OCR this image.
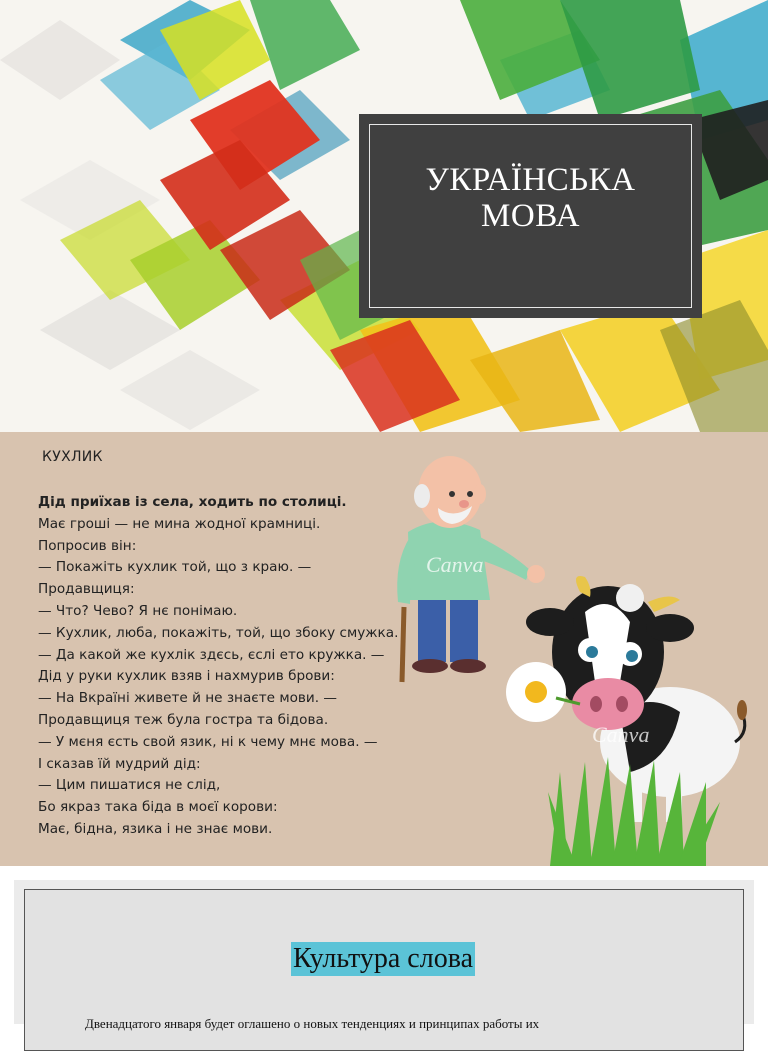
УКРАЇНСЬКА
МОВА
КУХЛИК
Дід приїхав із села, ходить по столиці.
Має гроші — не мина жодної крамниці.
Попросив він:
— Покажіть кухлик той, що з краю. —
Продавщиця:
— Что? Чево? Я нє понімаю.
— Кухлик, люба, покажіть, той, що збоку смужка.
— Да какой же кухлік здєсь, єслі ето кружка. —
Дід у руки кухлик взяв і нахмурив брови:
— На Вкраїні живете й не знаєте мови. —
Продавщиця теж була гостра та бідова.
— У мєня єсть свой язик, ні к чему мнє мова. —
І сказав їй мудрий дід:
— Цим пишатися не слід,
Бо якраз така біда в моєї корови:
Має, бідна, язика і не знає мови.
Canva
Canva
Культура слова
Двенадцатого января будет оглашено о новых тенденциях и принципах работы их
